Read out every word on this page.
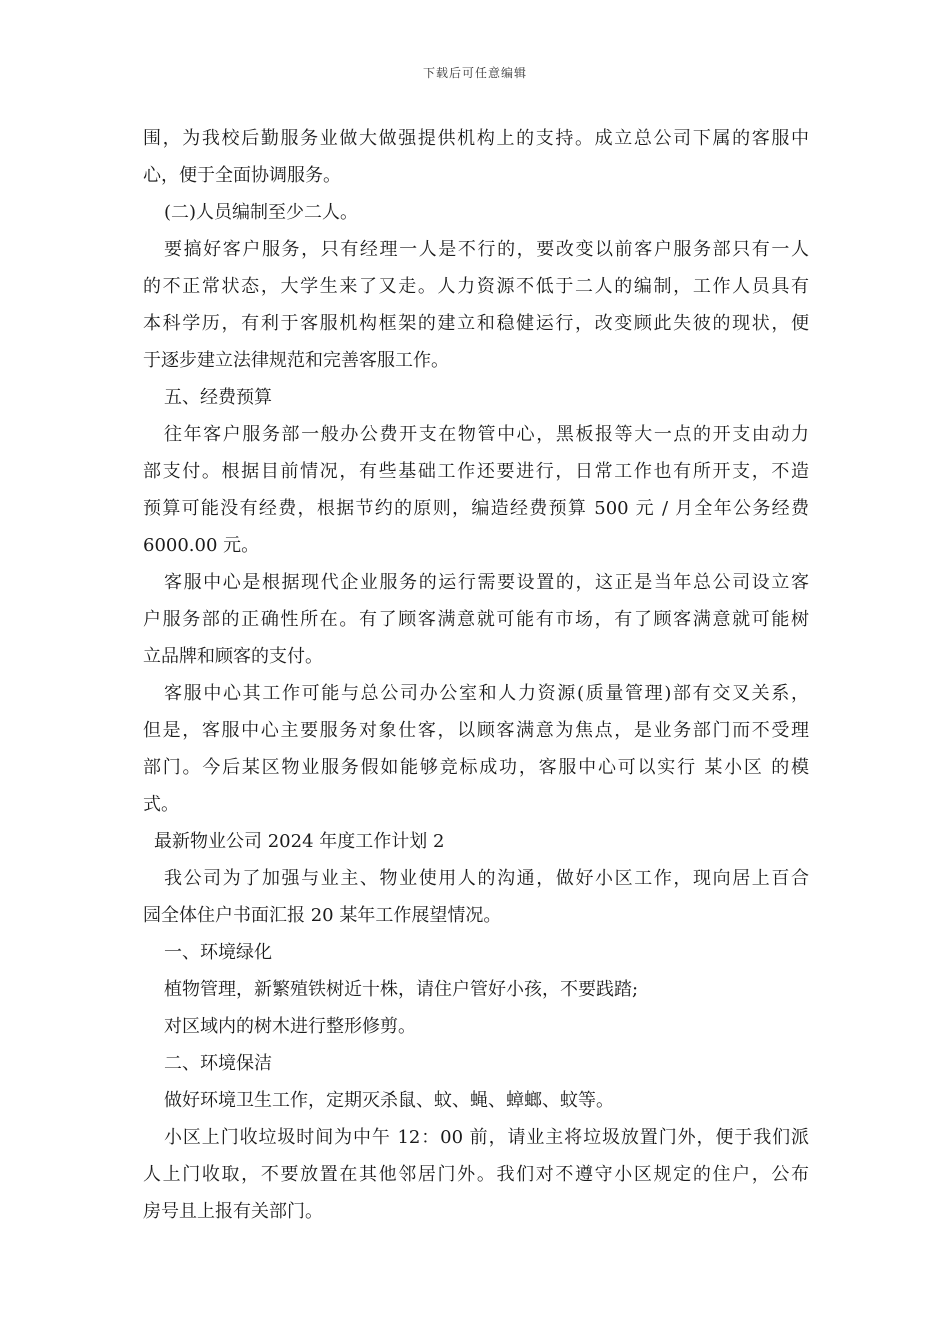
下载后可任意编辑
围，为我校后勤服务业做大做强提供机构上的支持。成立总公司下属的客服中
心，便于全面协调服务。
(二)人员编制至少二人。
要搞好客户服务，只有经理一人是不行的，要改变以前客户服务部只有一人
的不正常状态，大学生来了又走。人力资源不低于二人的编制，工作人员具有
本科学历，有利于客服机构框架的建立和稳健运行，改变顾此失彼的现状，便
于逐步建立法律规范和完善客服工作。
五、经费预算
往年客户服务部一般办公费开支在物管中心，黑板报等大一点的开支由动力
部支付。根据目前情况，有些基础工作还要进行，日常工作也有所开支，不造
预算可能没有经费，根据节约的原则，编造经费预算 500 元 / 月全年公务经费
6000.00 元。
客服中心是根据现代企业服务的运行需要设置的，这正是当年总公司设立客
户服务部的正确性所在。有了顾客满意就可能有市场，有了顾客满意就可能树
立品牌和顾客的支付。
客服中心其工作可能与总公司办公室和人力资源(质量管理)部有交叉关系，
但是，客服中心主要服务对象仕客，以顾客满意为焦点，是业务部门而不受理
部门。今后某区物业服务假如能够竞标成功，客服中心可以实行 某小区 的模
式。
最新物业公司 2024 年度工作计划 2
我公司为了加强与业主、物业使用人的沟通，做好小区工作，现向居上百合
园全体住户书面汇报 20 某年工作展望情况。
一、环境绿化
植物管理，新繁殖铁树近十株，请住户管好小孩，不要践踏;
对区域内的树木进行整形修剪。
二、环境保洁
做好环境卫生工作，定期灭杀鼠、蚊、蝇、蟑螂、蚊等。
小区上门收垃圾时间为中午 12：00 前，请业主将垃圾放置门外，便于我们派
人上门收取，不要放置在其他邻居门外。我们对不遵守小区规定的住户，公布
房号且上报有关部门。
